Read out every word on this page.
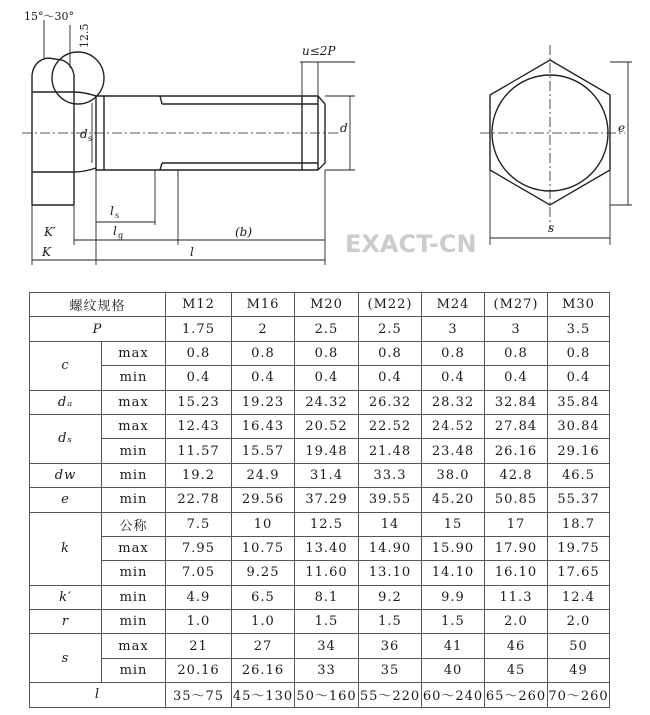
EXACT-CN
15°～30°
12.5
u≤2P
d s
d
l s
l g	(b)
K′
K	l
e
s
螺纹规格		M12	M16	M20	(M22)	M24	(M27)	M30
P		1.75	2	2.5	2.5	3	3	3.5
c	max	0.8	0.8	0.8	0.8	0.8	0.8	0.8
	min	0.4	0.4	0.4	0.4	0.4	0.4	0.4
dₐ	max	15.23	19.23	24.32	26.32	28.32	32.84	35.84
dₛ	max	12.43	16.43	20.52	22.52	24.52	27.84	30.84
	min	11.57	15.57	19.48	21.48	23.48	26.16	29.16
dw	min	19.2	24.9	31.4	33.3	38.0	42.8	46.5
e	min	22.78	29.56	37.29	39.55	45.20	50.85	55.37
k	公称	7.5	10	12.5	14	15	17	18.7
	max	7.95	10.75	13.40	14.90	15.90	17.90	19.75
	min	7.05	9.25	11.60	13.10	14.10	16.10	17.65
k′	min	4.9	6.5	8.1	9.2	9.9	11.3	12.4
r	min	1.0	1.0	1.5	1.5	1.5	2.0	2.0
s	max	21	27	34	36	41	46	50
	min	20.16	26.16	33	35	40	45	49
l		35～75	45～130	50～160	55～220	60～240	65～260	70～260
